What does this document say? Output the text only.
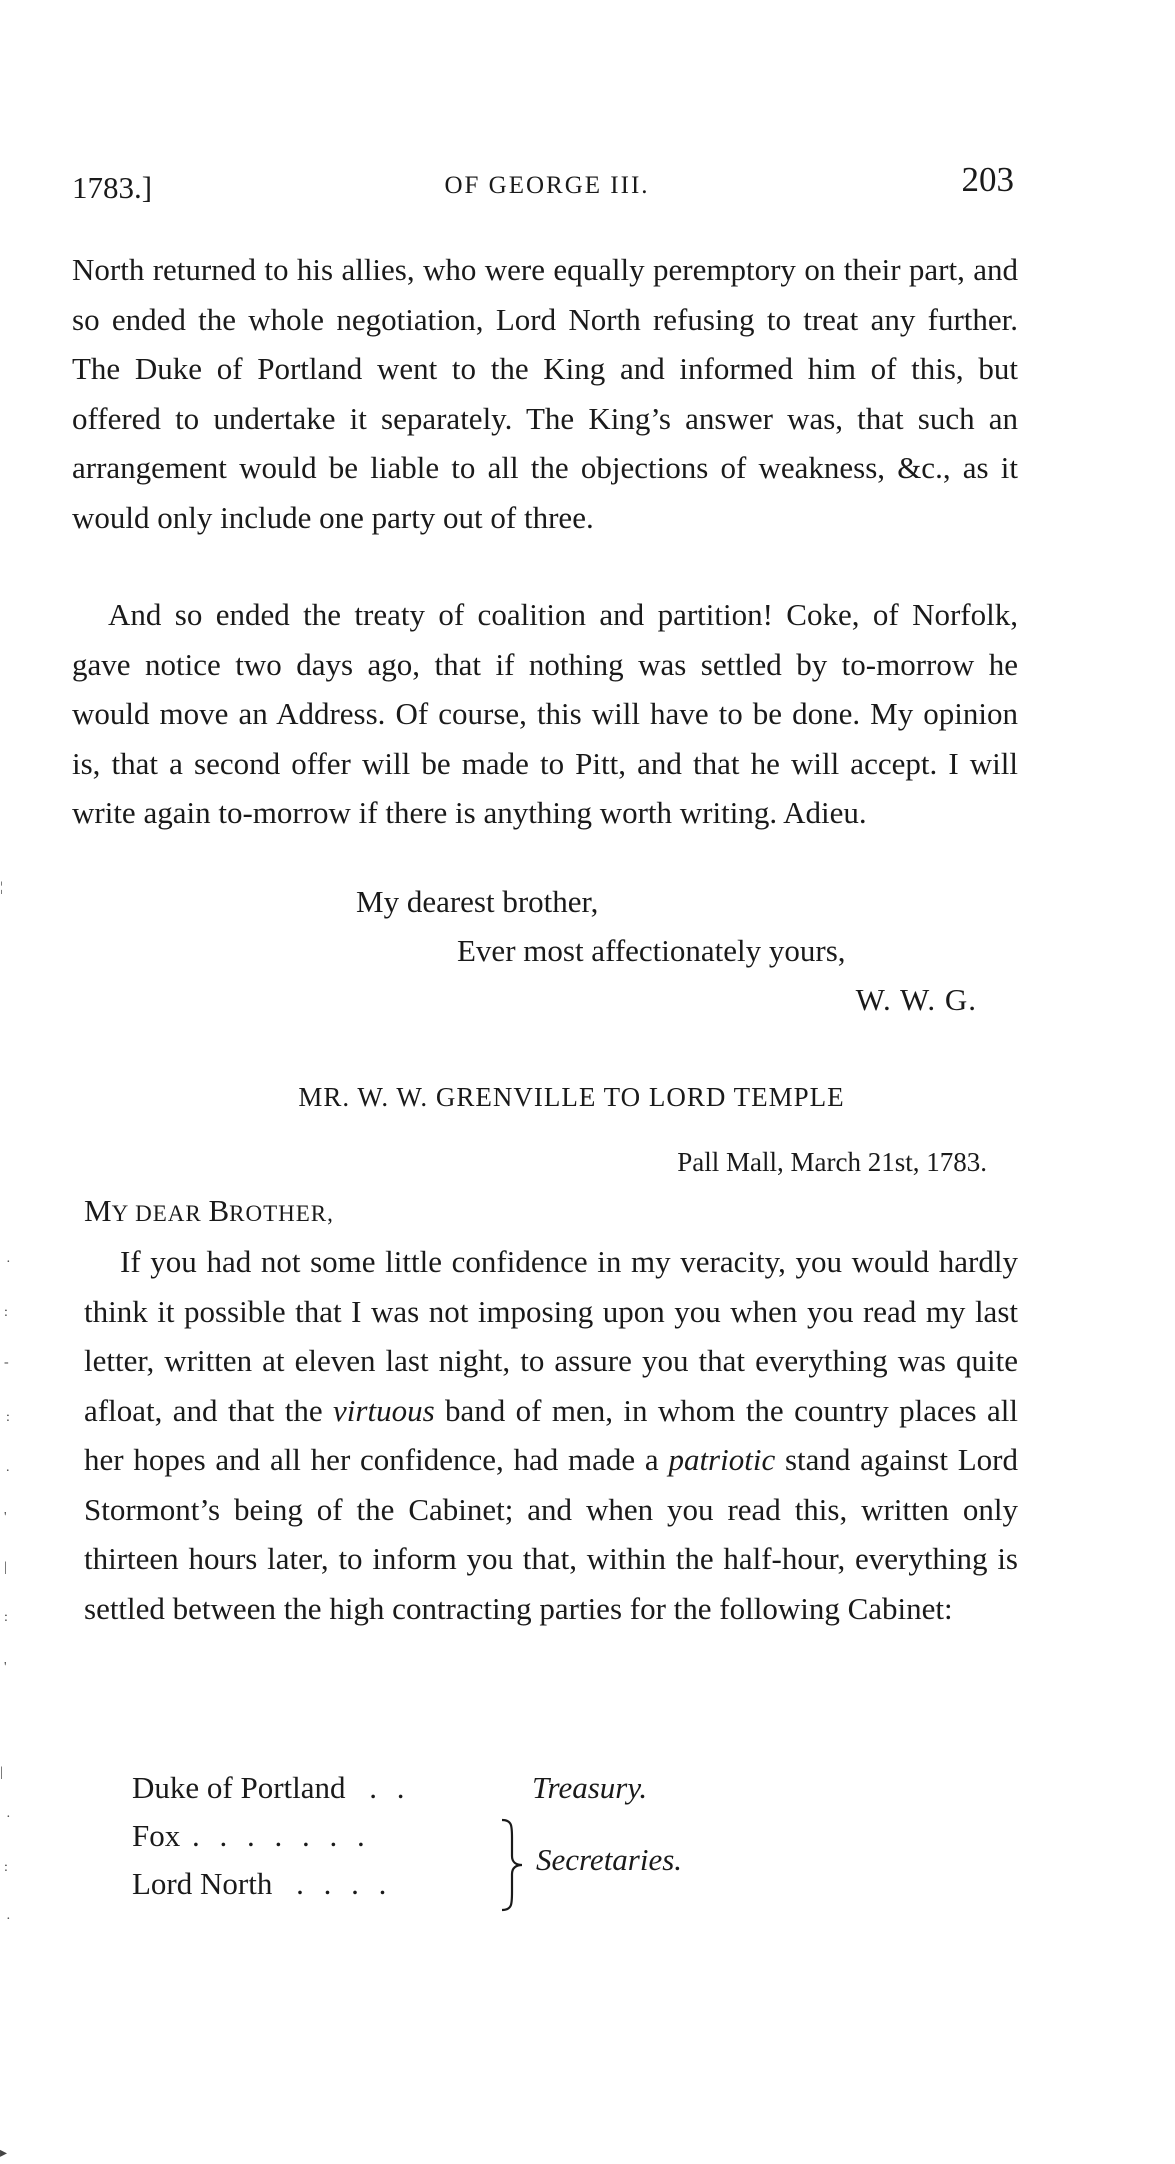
1783.]	OF GEORGE III.	203

North returned to his allies, who were equally peremptory on their part, and so ended the whole negotiation, Lord North refusing to treat any further. The Duke of Portland went to the King and informed him of this, but offered to undertake it separately. The King’s answer was, that such an arrangement would be liable to all the objections of weakness, &c., as it would only include one party out of three.

And so ended the treaty of coalition and partition! Coke, of Norfolk, gave notice two days ago, that if nothing was settled by to-morrow he would move an Address. Of course, this will have to be done. My opinion is, that a second offer will be made to Pitt, and that he will accept. I will write again to-morrow if there is anything worth writing. Adieu.

My dearest brother,
Ever most affectionately yours,
W. W. G.
MR. W. W. GRENVILLE TO LORD TEMPLE
Pall Mall, March 21st, 1783.
MY DEAR BROTHER,

If you had not some little confidence in my veracity, you would hardly think it possible that I was not imposing upon you when you read my last letter, written at eleven last night, to assure you that everything was quite afloat, and that the virtuous band of men, in whom the country places all her hopes and all her confidence, had made a patriotic stand against Lord Stormont’s being of the Cabinet; and when you read this, written only thirteen hours later, to inform you that, within the half-hour, everything is settled between the high contracting parties for the following Cabinet:

Duke of Portland . .
Fox . . . . . . .
Lord North . . . .
Treasury.
Secretaries.
¦
·
:
-
:
.
'
|
:
'
|
·
:
·
▸
